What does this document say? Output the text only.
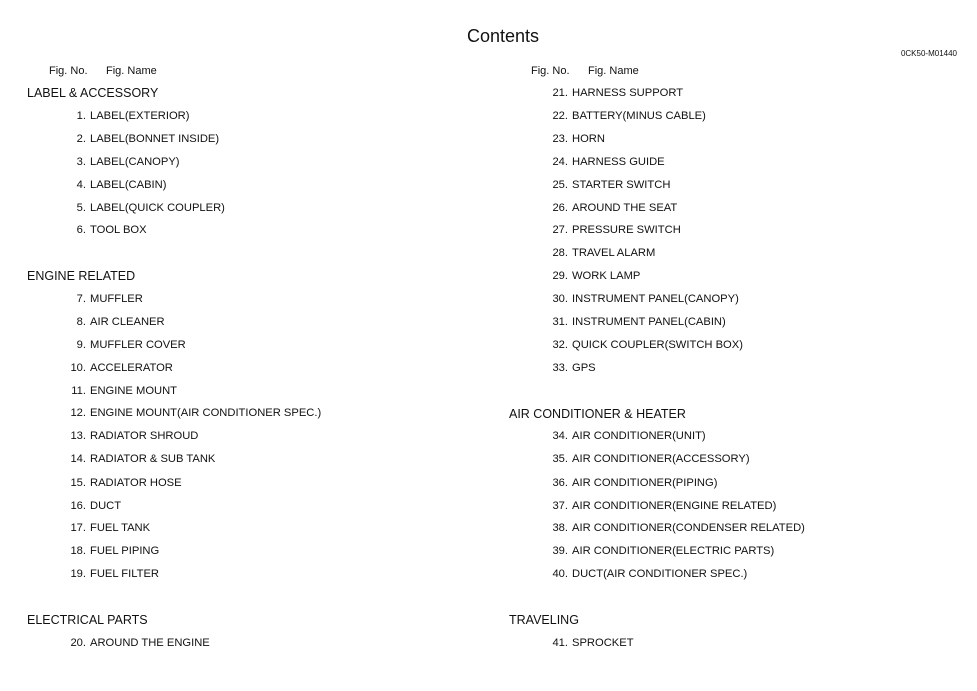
Contents
0CK50-M01440
Fig. No. Fig. Name
LABEL & ACCESSORY
1. LABEL(EXTERIOR)
2. LABEL(BONNET INSIDE)
3. LABEL(CANOPY)
4. LABEL(CABIN)
5. LABEL(QUICK COUPLER)
6. TOOL BOX
ENGINE RELATED
7. MUFFLER
8. AIR CLEANER
9. MUFFLER COVER
10. ACCELERATOR
11. ENGINE MOUNT
12. ENGINE MOUNT(AIR CONDITIONER SPEC.)
13. RADIATOR SHROUD
14. RADIATOR & SUB TANK
15. RADIATOR HOSE
16. DUCT
17. FUEL TANK
18. FUEL PIPING
19. FUEL FILTER
ELECTRICAL PARTS
20. AROUND THE ENGINE
Fig. No. Fig. Name
21. HARNESS SUPPORT
22. BATTERY(MINUS CABLE)
23. HORN
24. HARNESS GUIDE
25. STARTER SWITCH
26. AROUND THE SEAT
27. PRESSURE SWITCH
28. TRAVEL ALARM
29. WORK LAMP
30. INSTRUMENT PANEL(CANOPY)
31. INSTRUMENT PANEL(CABIN)
32. QUICK COUPLER(SWITCH BOX)
33. GPS
AIR CONDITIONER & HEATER
34. AIR CONDITIONER(UNIT)
35. AIR CONDITIONER(ACCESSORY)
36. AIR CONDITIONER(PIPING)
37. AIR CONDITIONER(ENGINE RELATED)
38. AIR CONDITIONER(CONDENSER RELATED)
39. AIR CONDITIONER(ELECTRIC PARTS)
40. DUCT(AIR CONDITIONER SPEC.)
TRAVELING
41. SPROCKET
